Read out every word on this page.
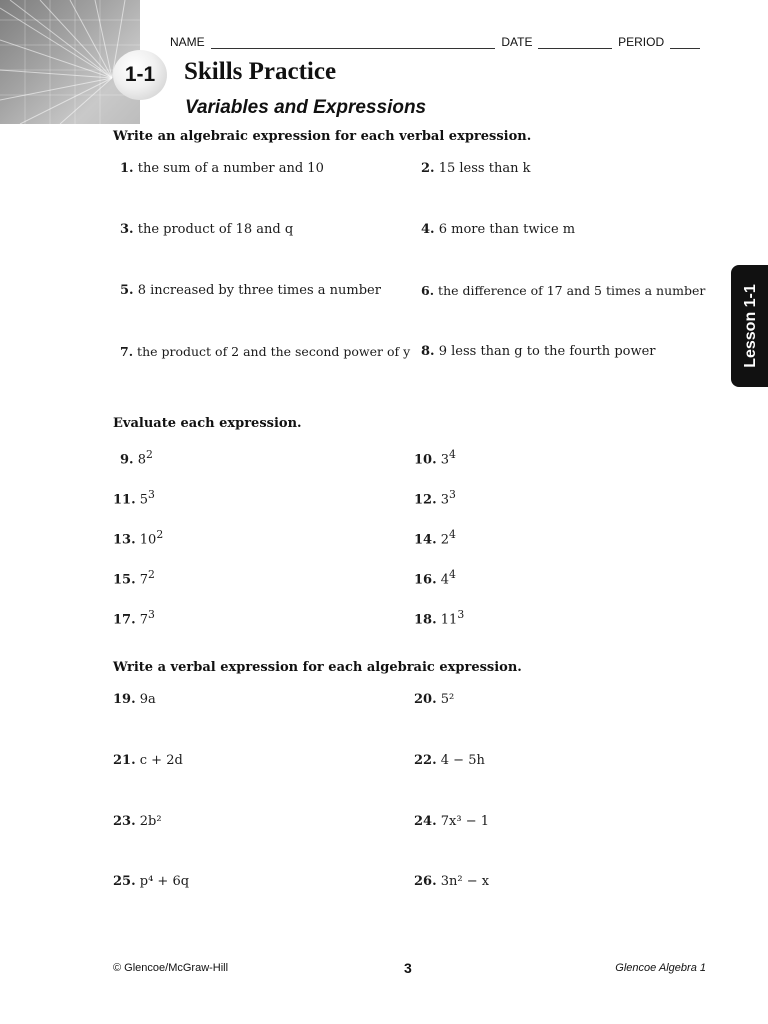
1-1
NAME	DATE	PERIOD
Skills Practice
Variables and Expressions
Write an algebraic expression for each verbal expression.
1. the sum of a number and 10	2. 15 less than k
3. the product of 18 and q	4. 6 more than twice m
5. 8 increased by three times a number	6. the difference of 17 and 5 times a number
7. the product of 2 and the second power of y 8. 9 less than g to the fourth power
Evaluate each expression.
9. $8^2$	10. $3^4$
11. $5^3$	12. $3^3$
13. $10^2$	14. $2^4$
15. $7^2$	16. $4^4$
17. $7^3$	18. $11^3$
Write a verbal expression for each algebraic expression.
19. 9a	20. 5²
21. c + 2d	22. 4 − 5h
23. 2b²	24. 7x³ − 1
25. p⁴ + 6q	26. 3n² − x
Lesson 1-1
© Glencoe/McGraw-Hill	3	Glencoe Algebra 1
